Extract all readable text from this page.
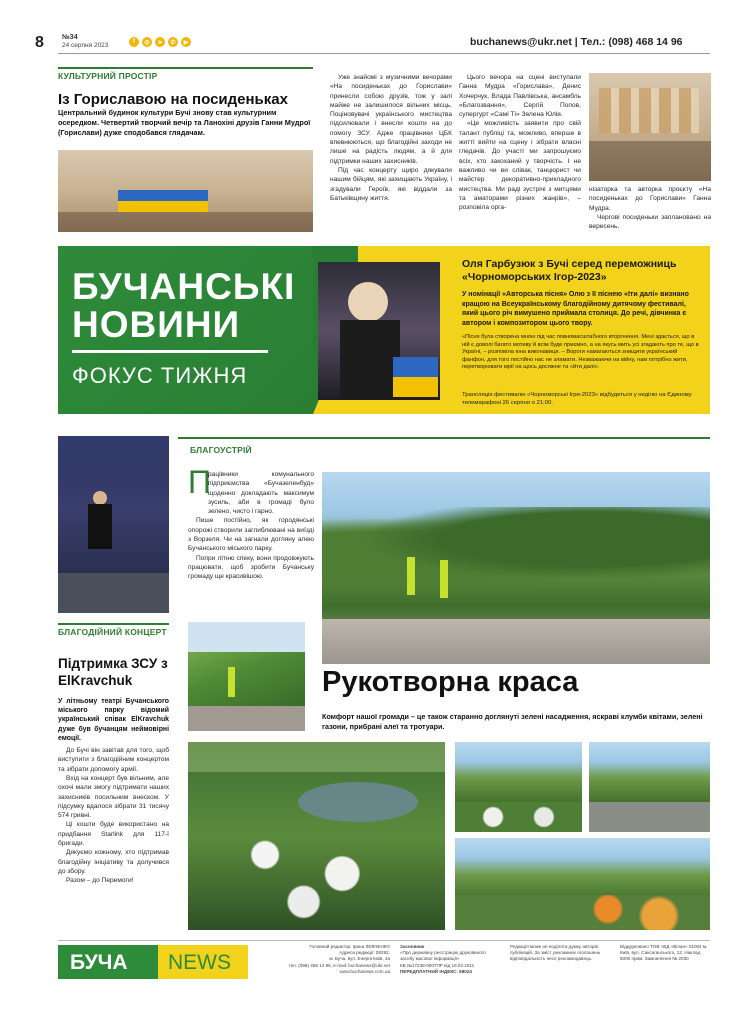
8	№34
24 серпня 2023	f	◎	➤	✆	▶	buchanews@ukr.net | Тел.: (098) 468 14 96
КУЛЬТУРНИЙ ПРОСТІР
Із Гориславою на посиденьках
Центральний будинок культури Бучі знову став культурним осередком. Четвертий творчий вечір та Ланохіні друзів Ганни Мудрої (Горислави) дуже сподобався глядачам.

Уже знайомі з музичними вечорами «На посиденьках до Горислави» принесли собою друзів, тож у залі майже не залишилося вільних місць. Поціновувачі українського мистецтва підсилювали і внесли кошти на до помогу ЗСУ. Адже працівники ЦБК впевнюються, що благодійні заходи не лише на радість людям, а й для підтримки наших захисників.

Під час концерту щиро дякували нашим бійцям, які захищають Україну, і згадували Героїв, які віддали за Батьківщину життя.

Цього вечора на сцені виступали Ганна Мудра «Горислава», Денис Хочерчук, Влада Павлівська, ансамбль «Благозвання», Сергій Попов, супергурт «Самі Ті» Зелена Юлія.

«Це можливість заявити про свій талант публіці та, можливо, вперше в житті вийти на сцену і зібрати власні гледачів. До участі ми запрошуємо всіх, хто закоханий у творчість. І не важливо чи ви слівак, танцюрист чи майстер декоративно-прикладного мистецтва. Ми раді зустрічі з митцями та аматорами різних жанрів», – розповіла орга-

нізаторка та авторка проєкту «На посиденьках до Горислави» Ганна Мудра.

Чергові посиденьки заплановано на вересень.

БУЧАНСЬКІ
НОВИНИ
ФОКУС ТИЖНЯ
Оля Гарбузюк з Бучі серед переможниць «Чорноморських Ігор-2023»
У номінації «Авторська пісня» Олю з її піснею «Іти далі» визнано кращою на Всеукраїнському благодійному дитячому фестивалі, який цього річ вимушено приймала столиця. До речі, дівчинка є автором і композитором цього твору.
«Пісня була створена мною під час повномасштабного вторгнення. Мені здається, що в ній є доволі багато мотиву й всім буде приємно, а на якусь мить усі згадають про те, що в Україні, – розповіла юна виконавиця. – Вороги намагаються знищити український фанфон, для того постійно нас не зламати. Незважаючи на війну, нам потрібно жити, перетворювати мрії на щось досяжне та «йти далі».
Трансляція фестивалю «Чорноморські Ігри-2023» відбудеться у неділю на Єдиному телемарафоні 26 серпня о 21:00.
БЛАГОДІЙНИЙ КОНЦЕРТ
Підтримка ЗСУ з ElKravchuk

У літньому театрі Бучанського міського парку відомий український співак ElKravchuk дуже був бучанцям неймовірні емоції.

До Бучі він завітав для того, щоб виступити з благодійним концертом та зібрати допомогу армії.

Вхід на концерт був вільним, але охочі мали змогу підтримати наших захисників посильним внеском. У підсумку вдалося зібрати 31 тисячу 574 гривні.

Ці кошти буде використано на придбання Starlink для 117-ї бригади.

Дякуємо кожному, хто підтримав благодійну ініціативу та долучився до збору.

Разом – до Перемоги!

БЛАГОУСТРІЙ
П

рацівники комунального підприємства «Бучазеленбуд» щоденно докладають максимум зусиль, аби в громаді було зелено, чисто і гарно.

Пише постійно, як городянські опорожі створили заглиблювані на виїзді з Ворзеля. Чи на загнали догляну алею Бучанського міського парку.

Попри літню спеку, вони продовжують працювати, щоб зробити Бучанську громаду ще красивішою.

Рукотворна краса
Комфорт нашої громади – це також старанно доглянуті зелені насадження, яскраві клумби квітами, зелені газони, прибрані алеї та тротуари.
БУЧА NEWS
Головний редактор: Ірина ЛЕВЧЕНКО
Адреса редакції: 08292,
м. Буча, вул. Енергетиків, 4а
тел. (098) 468 14 96, e-mail: buchanews@ukr.net
www.buchanews.com.ua
Засновник
«Про державну реєстрацію друкованого засобу масової інформації»
КВ №17238-0007ПР від 16.02.2011
ПЕРЕДПЛАТНИЙ ІНДЕКС: 68024
Редакція може не поділяти думку авторів публікацій. За зміст рекламних оголошень відповідальність несе рекламодавець.
Віддруковано ТОВ «ВД «Вілан» 01004 м. Київ, вул. Саксаганського, 12. Наклад 5000 прим. Замовлення № 2030
